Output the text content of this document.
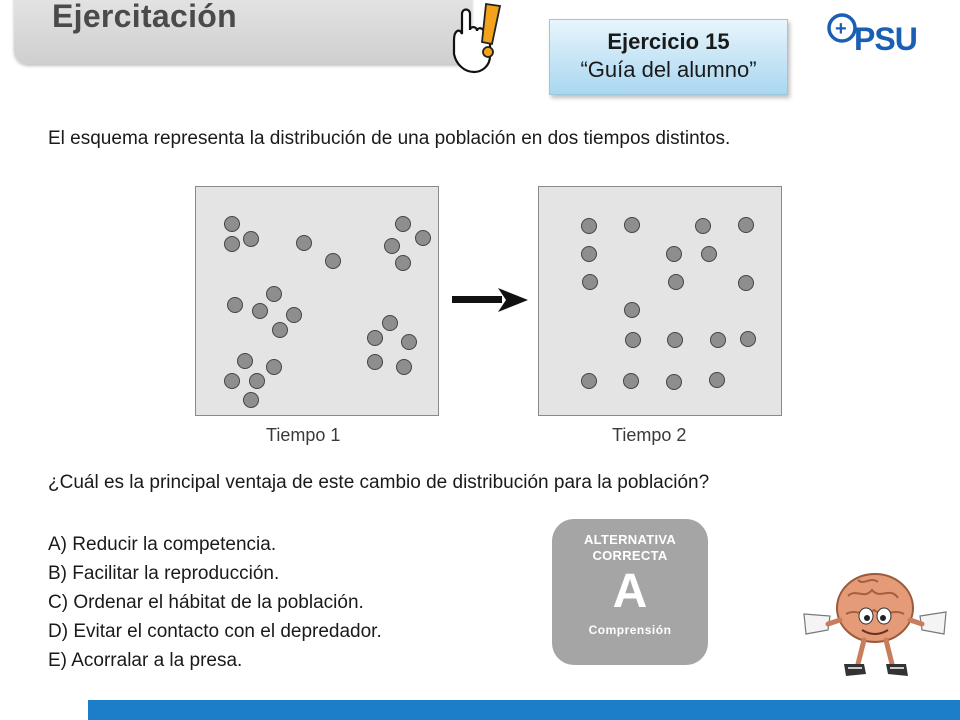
Ejercitación
Ejercicio 15
“Guía del alumno”
+ PSU
El esquema representa la distribución de una población en dos tiempos distintos.
Tiempo 1	Tiempo 2
¿Cuál es la principal ventaja de este cambio de distribución para la población?
A) Reducir la competencia.
B) Facilitar la reproducción.
C) Ordenar el hábitat de la población.
D) Evitar el contacto con el depredador.
E) Acorralar a la presa.
ALTERNATIVA
CORRECTA
A
Comprensión
